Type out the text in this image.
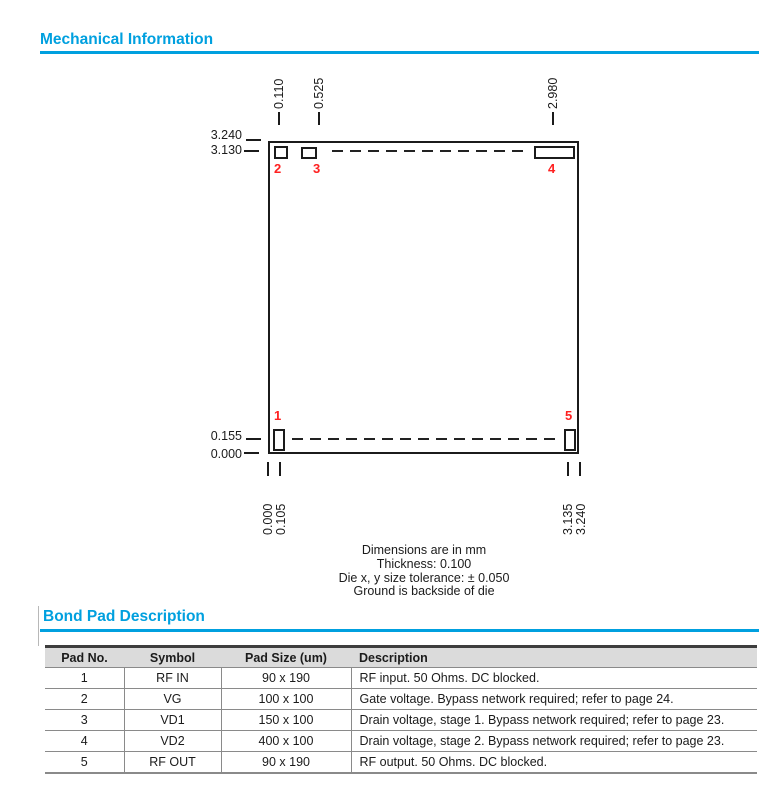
Mechanical Information
0.110 0.525	2.980
3.240
3.130
0.155
0.000
1
2 3	4
5
0.000 0.105	3.135 3.240
Dimensions are in mm
Thickness: 0.100
Die x, y size tolerance: ± 0.050
Ground is backside of die
Bond Pad Description
Pad No.	Symbol	Pad Size (um)	Description
1	RF IN	90 x 190	RF input. 50 Ohms. DC blocked.
2	VG	100 x 100	Gate voltage. Bypass network required; refer to page 24.
3	VD1	150 x 100	Drain voltage, stage 1. Bypass network required; refer to page 23.
4	VD2	400 x 100	Drain voltage, stage 2. Bypass network required; refer to page 23.
5	RF OUT	90 x 190	RF output. 50 Ohms. DC blocked.
